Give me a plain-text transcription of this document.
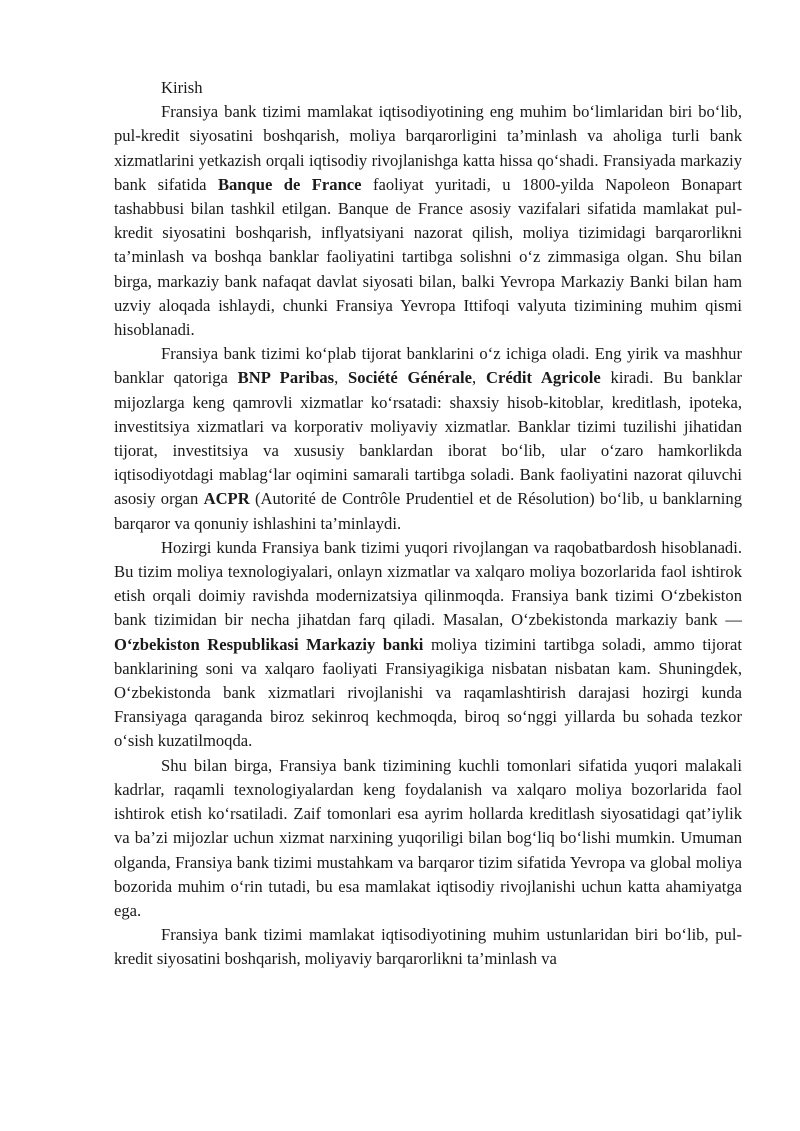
Kirish

Fransiya bank tizimi mamlakat iqtisodiyotining eng muhim bo‘limlaridan biri bo‘lib, pul-kredit siyosatini boshqarish, moliya barqarorligini ta’minlash va aholiga turli bank xizmatlarini yetkazish orqali iqtisodiy rivojlanishga katta hissa qo‘shadi. Fransiyada markaziy bank sifatida Banque de France faoliyat yuritadi, u 1800-yilda Napoleon Bonapart tashabbusi bilan tashkil etilgan. Banque de France asosiy vazifalari sifatida mamlakat pul-kredit siyosatini boshqarish, inflyatsiyani nazorat qilish, moliya tizimidagi barqarorlikni ta’minlash va boshqa banklar faoliyatini tartibga solishni o‘z zimmasiga olgan. Shu bilan birga, markaziy bank nafaqat davlat siyosati bilan, balki Yevropa Markaziy Banki bilan ham uzviy aloqada ishlaydi, chunki Fransiya Yevropa Ittifoqi valyuta tizimining muhim qismi hisoblanadi.

Fransiya bank tizimi ko‘plab tijorat banklarini o‘z ichiga oladi. Eng yirik va mashhur banklar qatoriga BNP Paribas, Société Générale, Crédit Agricole kiradi. Bu banklar mijozlarga keng qamrovli xizmatlar ko‘rsatadi: shaxsiy hisob-kitoblar, kreditlash, ipoteka, investitsiya xizmatlari va korporativ moliyaviy xizmatlar. Banklar tizimi tuzilishi jihatidan tijorat, investitsiya va xususiy banklardan iborat bo‘lib, ular o‘zaro hamkorlikda iqtisodiyotdagi mablag‘lar oqimini samarali tartibga soladi. Bank faoliyatini nazorat qiluvchi asosiy organ ACPR (Autorité de Contrôle Prudentiel et de Résolution) bo‘lib, u banklarning barqaror va qonuniy ishlashini ta’minlaydi.

Hozirgi kunda Fransiya bank tizimi yuqori rivojlangan va raqobatbardosh hisoblanadi. Bu tizim moliya texnologiyalari, onlayn xizmatlar va xalqaro moliya bozorlarida faol ishtirok etish orqali doimiy ravishda modernizatsiya qilinmoqda. Fransiya bank tizimi O‘zbekiston bank tizimidan bir necha jihatdan farq qiladi. Masalan, O‘zbekistonda markaziy bank — O‘zbekiston Respublikasi Markaziy banki moliya tizimini tartibga soladi, ammo tijorat banklarining soni va xalqaro faoliyati Fransiyagikiga nisbatan nisbatan kam. Shuningdek, O‘zbekistonda bank xizmatlari rivojlanishi va raqamlashtirish darajasi hozirgi kunda Fransiyaga qaraganda biroz sekinroq kechmoqda, biroq so‘nggi yillarda bu sohada tezkor o‘sish kuzatilmoqda.

Shu bilan birga, Fransiya bank tizimining kuchli tomonlari sifatida yuqori malakali kadrlar, raqamli texnologiyalardan keng foydalanish va xalqaro moliya bozorlarida faol ishtirok etish ko‘rsatiladi. Zaif tomonlari esa ayrim hollarda kreditlash siyosatidagi qat’iylik va ba’zi mijozlar uchun xizmat narxining yuqoriligi bilan bog‘liq bo‘lishi mumkin. Umuman olganda, Fransiya bank tizimi mustahkam va barqaror tizim sifatida Yevropa va global moliya bozorida muhim o‘rin tutadi, bu esa mamlakat iqtisodiy rivojlanishi uchun katta ahamiyatga ega.

Fransiya bank tizimi mamlakat iqtisodiyotining muhim ustunlaridan biri bo‘lib, pul-kredit siyosatini boshqarish, moliyaviy barqarorlikni ta’minlash va
